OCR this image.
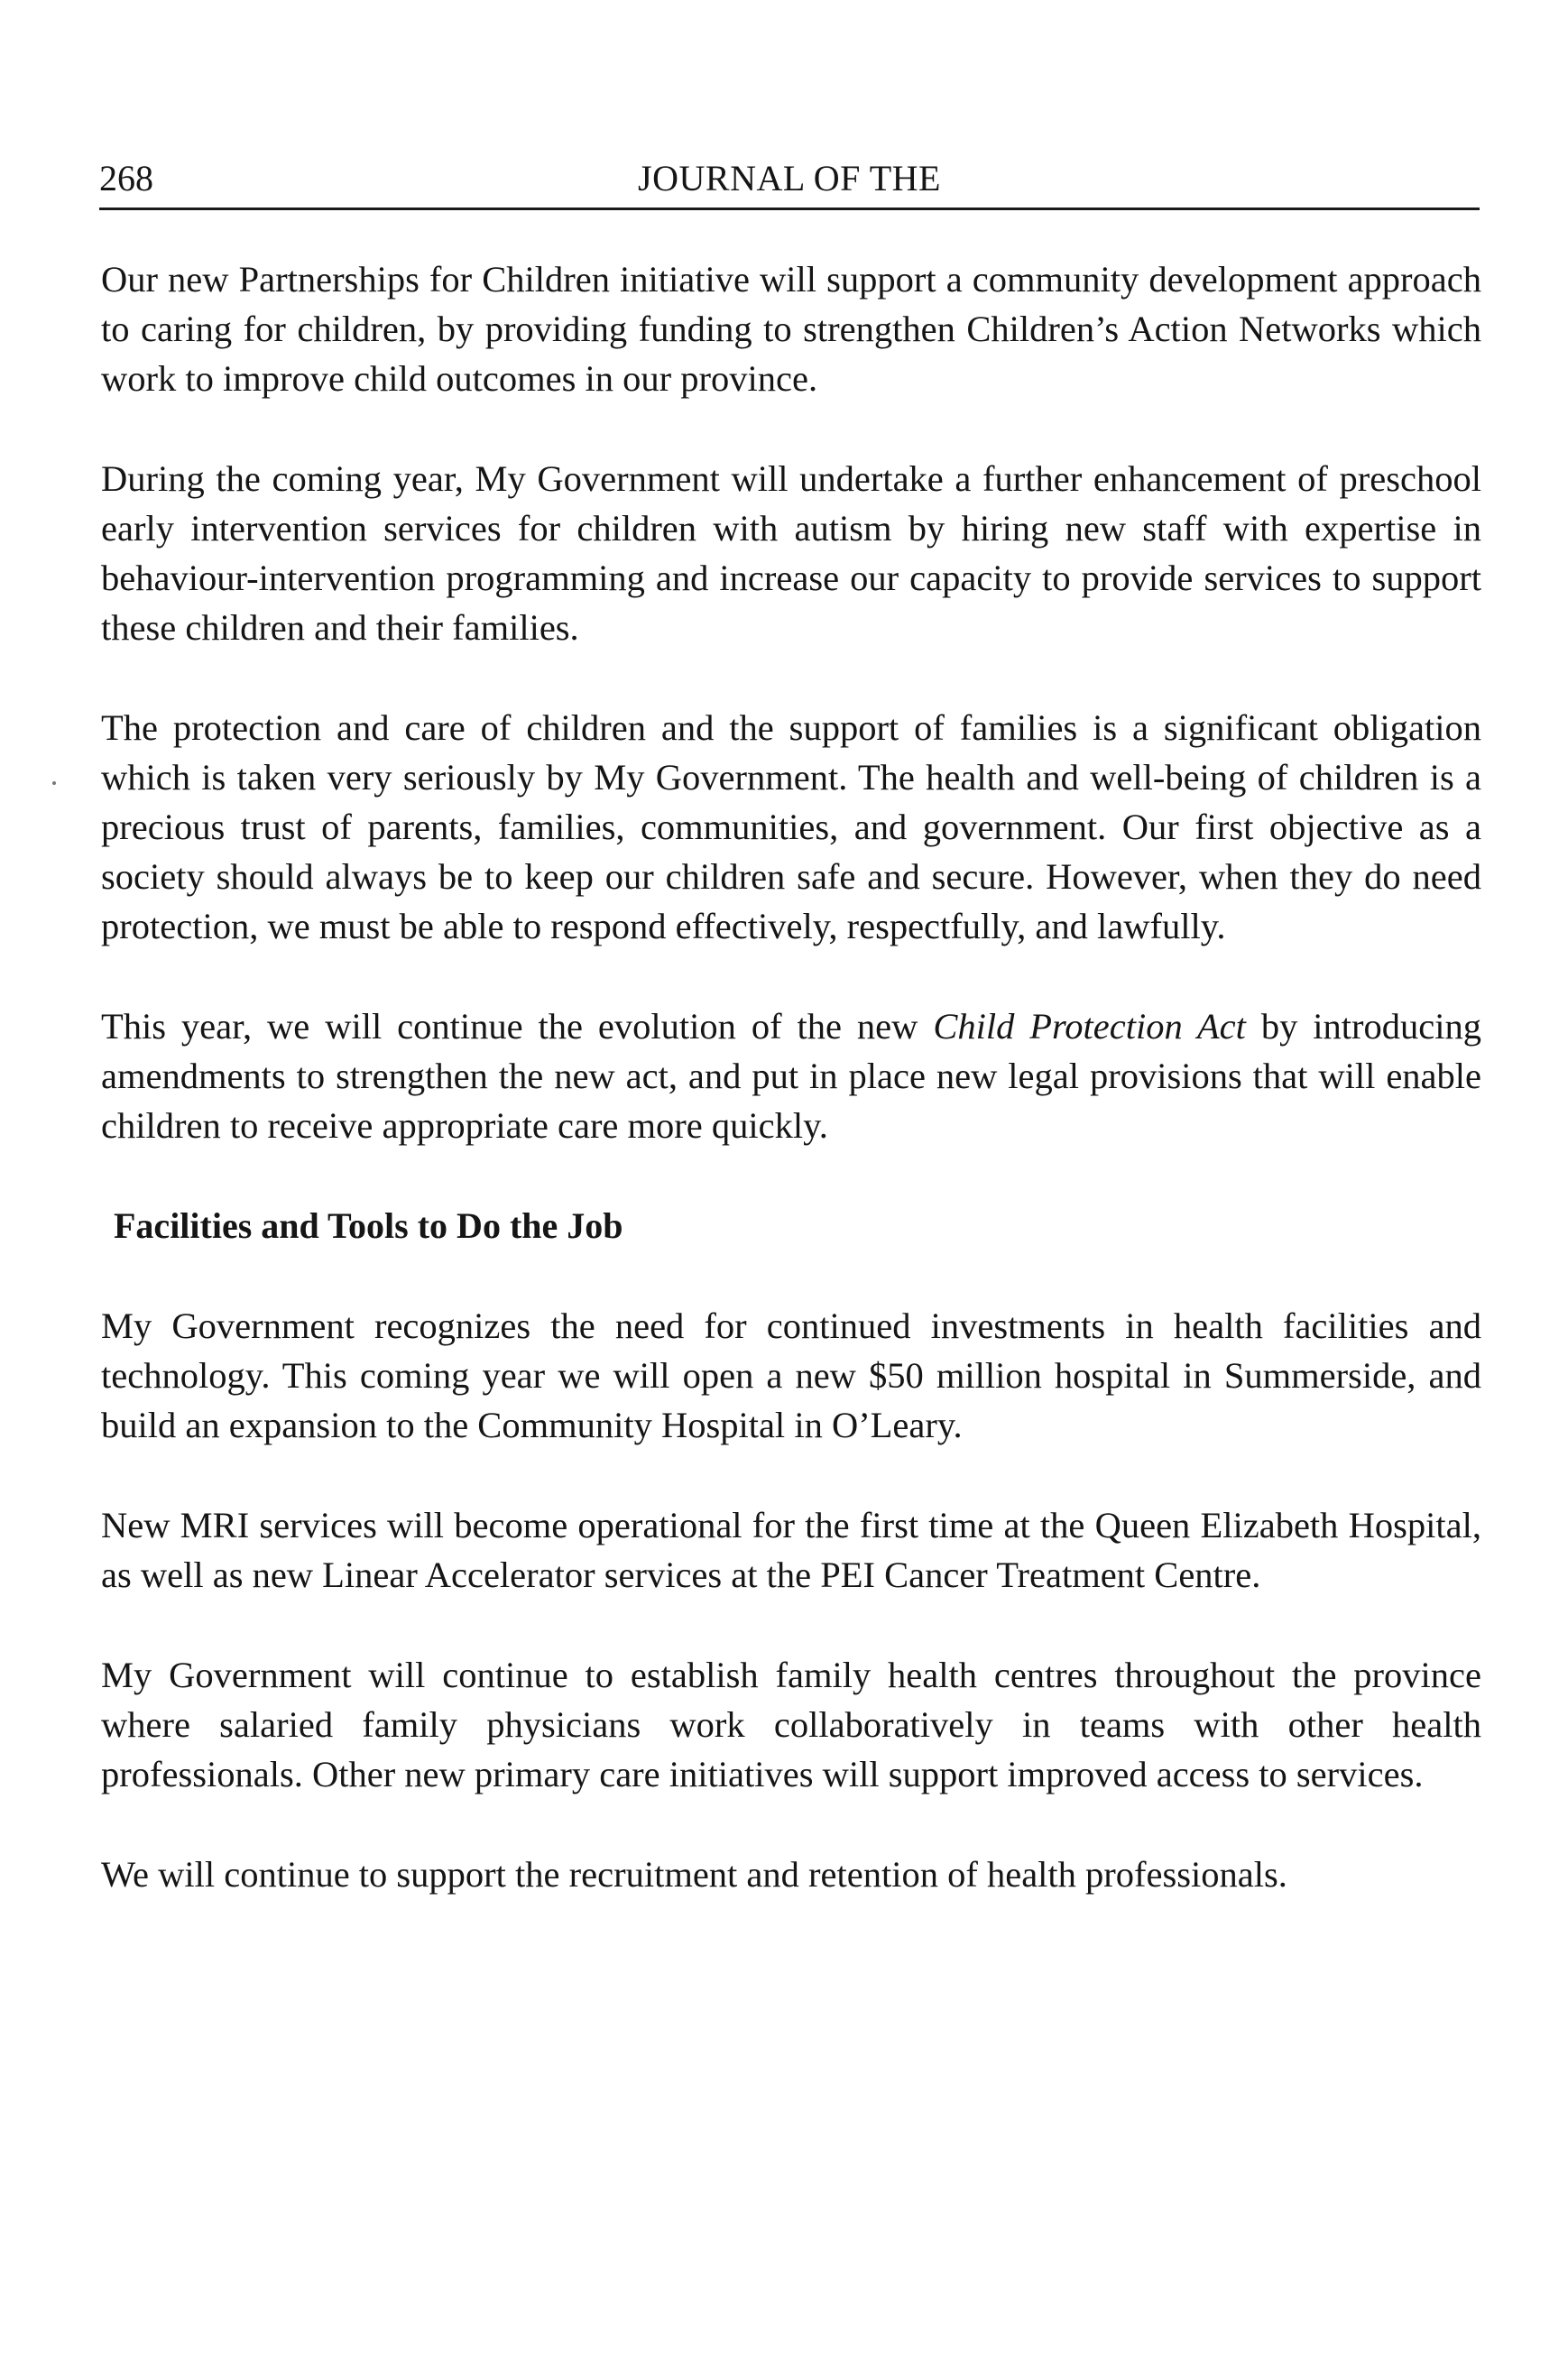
268	JOURNAL OF THE

Our new Partnerships for Children initiative will support a community development approach to caring for children, by providing funding to strengthen Children’s Action Networks which work to improve child outcomes in our province.

During the coming year, My Government will undertake a further enhancement of preschool early intervention services for children with autism by hiring new staff with expertise in behaviour-intervention programming and increase our capacity to provide services to support these children and their families.

The protection and care of children and the support of families is a significant obligation which is taken very seriously by My Government. The health and well-being of children is a precious trust of parents, families, communities, and government. Our first objective as a society should always be to keep our children safe and secure. However, when they do need protection, we must be able to respond effectively, respectfully, and lawfully.

This year, we will continue the evolution of the new Child Protection Act by introducing amendments to strengthen the new act, and put in place new legal provisions that will enable children to receive appropriate care more quickly.

Facilities and Tools to Do the Job

My Government recognizes the need for continued investments in health facilities and technology. This coming year we will open a new $50 million hospital in Summerside, and build an expansion to the Community Hospital in O’Leary.

New MRI services will become operational for the first time at the Queen Elizabeth Hospital, as well as new Linear Accelerator services at the PEI Cancer Treatment Centre.

My Government will continue to establish family health centres throughout the province where salaried family physicians work collaboratively in teams with other health professionals. Other new primary care initiatives will support improved access to services.

We will continue to support the recruitment and retention of health professionals.
